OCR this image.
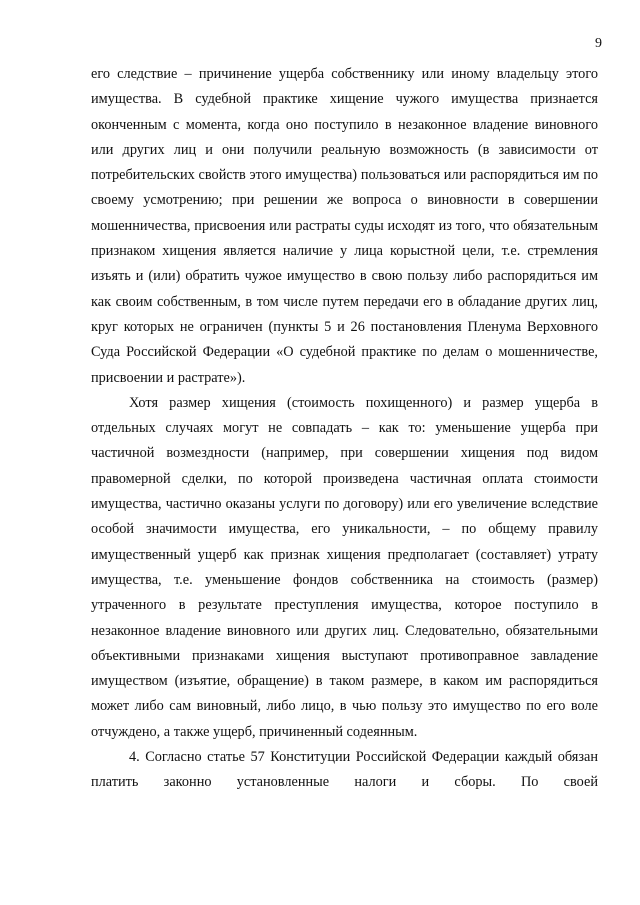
9

его следствие – причинение ущерба собственнику или иному владельцу этого имущества. В судебной практике хищение чужого имущества признается оконченным с момента, когда оно поступило в незаконное владение виновного или других лиц и они получили реальную возможность (в зависимости от потребительских свойств этого имущества) пользоваться или распорядиться им по своему усмотрению; при решении же вопроса о виновности в совершении мошенничества, присвоения или растраты суды исходят из того, что обязательным признаком хищения является наличие у лица корыстной цели, т.е. стремления изъять и (или) обратить чужое имущество в свою пользу либо распорядиться им как своим собственным, в том числе путем передачи его в обладание других лиц, круг которых не ограничен (пункты 5 и 26 постановления Пленума Верховного Суда Российской Федерации «О судебной практике по делам о мошенничестве, присвоении и растрате»).

Хотя размер хищения (стоимость похищенного) и размер ущерба в отдельных случаях могут не совпадать – как то: уменьшение ущерба при частичной возмездности (например, при совершении хищения под видом правомерной сделки, по которой произведена частичная оплата стоимости имущества, частично оказаны услуги по договору) или его увеличение вследствие особой значимости имущества, его уникальности, – по общему правилу имущественный ущерб как признак хищения предполагает (составляет) утрату имущества, т.е. уменьшение фондов собственника на стоимость (размер) утраченного в результате преступления имущества, которое поступило в незаконное владение виновного или других лиц. Следовательно, обязательными объективными признаками хищения выступают противоправное завладение имуществом (изъятие, обращение) в таком размере, в каком им распорядиться может либо сам виновный, либо лицо, в чью пользу это имущество по его воле отчуждено, а также ущерб, причиненный содеянным.

4. Согласно статье 57 Конституции Российской Федерации каждый обязан платить законно установленные налоги и сборы. По своей
